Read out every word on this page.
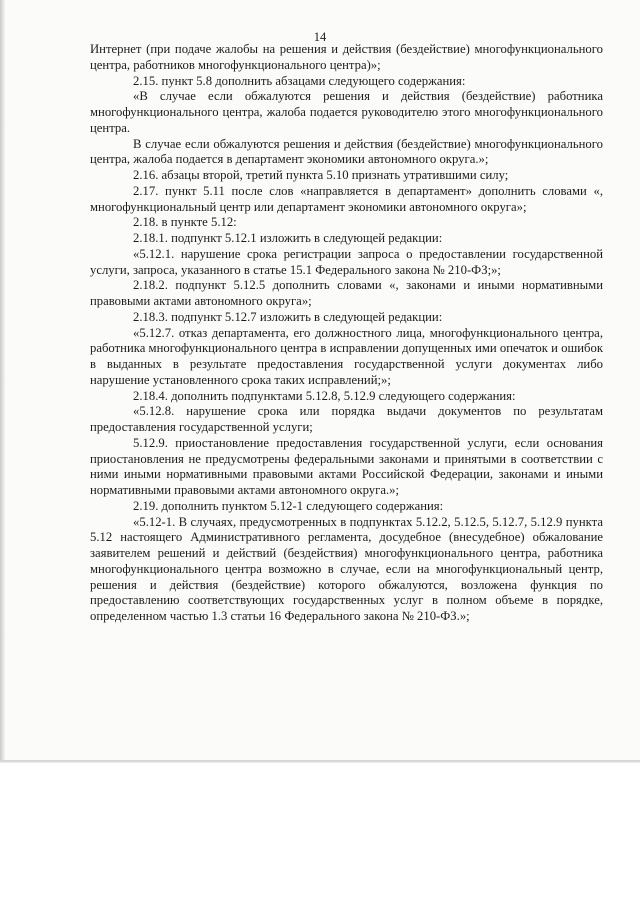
14

Интернет (при подаче жалобы на решения и действия (бездействие) многофункционального центра, работников многофункционального центра)»;

2.15. пункт 5.8 дополнить абзацами следующего содержания:

«В случае если обжалуются решения и действия (бездействие) работника многофункционального центра, жалоба подается руководителю этого многофункционального центра.

В случае если обжалуются решения и действия (бездействие) многофункционального центра, жалоба подается в департамент экономики автономного округа.»;

2.16. абзацы второй, третий пункта 5.10 признать утратившими силу;

2.17. пункт 5.11 после слов «направляется в департамент» дополнить словами «, многофункциональный центр или департамент экономики автономного округа»;

2.18. в пункте 5.12:

2.18.1. подпункт 5.12.1 изложить в следующей редакции:

«5.12.1. нарушение срока регистрации запроса о предоставлении государственной услуги, запроса, указанного в статье 15.1 Федерального закона № 210-ФЗ;»;

2.18.2. подпункт 5.12.5 дополнить словами «, законами и иными нормативными правовыми актами автономного округа»;

2.18.3. подпункт 5.12.7 изложить в следующей редакции:

«5.12.7. отказ департамента, его должностного лица, многофункционального центра, работника многофункционального центра в исправлении допущенных ими опечаток и ошибок в выданных в результате предоставления государственной услуги документах либо нарушение установленного срока таких исправлений;»;

2.18.4. дополнить подпунктами 5.12.8, 5.12.9 следующего содержания:

«5.12.8. нарушение срока или порядка выдачи документов по результатам предоставления государственной услуги;

5.12.9. приостановление предоставления государственной услуги, если основания приостановления не предусмотрены федеральными законами и принятыми в соответствии с ними иными нормативными правовыми актами Российской Федерации, законами и иными нормативными правовыми актами автономного округа.»;

2.19. дополнить пунктом 5.12-1 следующего содержания:

«5.12-1. В случаях, предусмотренных в подпунктах 5.12.2, 5.12.5, 5.12.7, 5.12.9 пункта 5.12 настоящего Административного регламента, досудебное (внесудебное) обжалование заявителем решений и действий (бездействия) многофункционального центра, работника многофункционального центра возможно в случае, если на многофункциональный центр, решения и действия (бездействие) которого обжалуются, возложена функция по предоставлению соответствующих государственных услуг в полном объеме в порядке, определенном частью 1.3 статьи 16 Федерального закона № 210-ФЗ.»;
